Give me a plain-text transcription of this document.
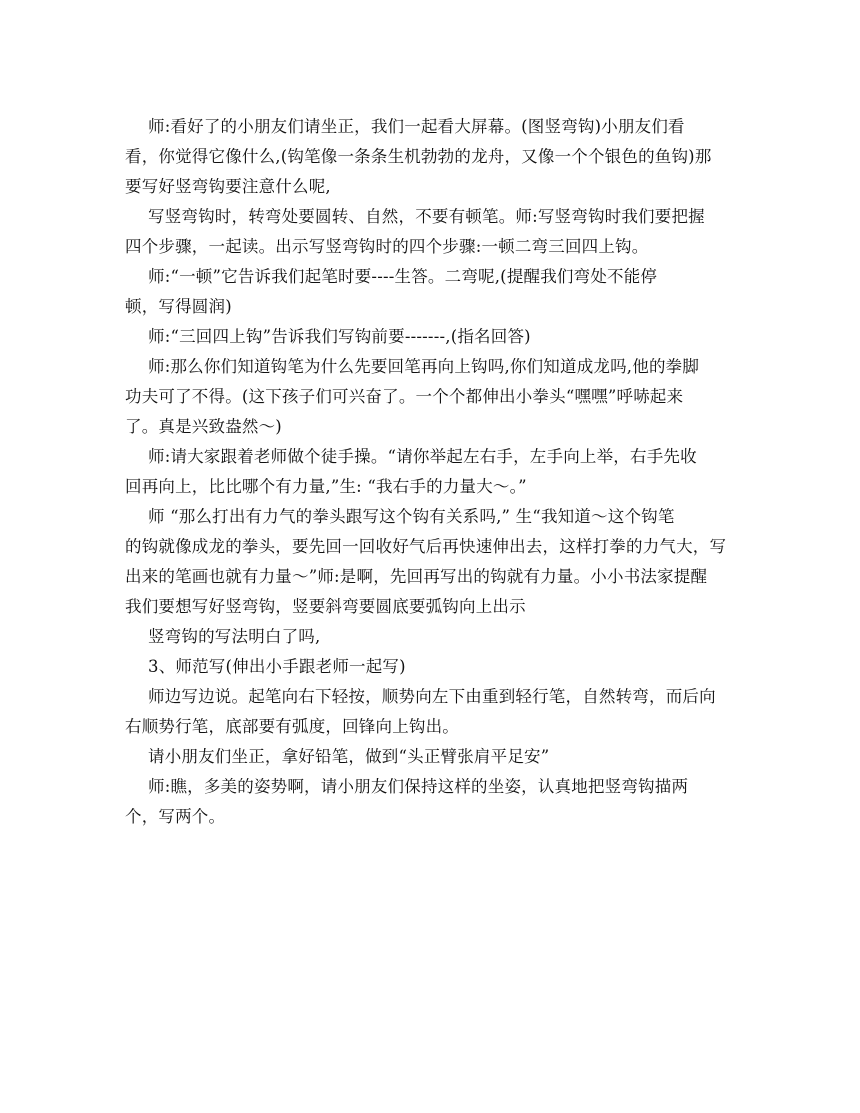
师:看好了的小朋友们请坐正，我们一起看大屏幕。(图竖弯钩)小朋友们看
看，你觉得它像什么,(钩笔像一条条生机勃勃的龙舟，又像一个个银色的鱼钩)那
要写好竖弯钩要注意什么呢,

写竖弯钩时，转弯处要圆转、自然，不要有顿笔。师:写竖弯钩时我们要把握
四个步骤，一起读。出示写竖弯钩时的四个步骤:一顿二弯三回四上钩。

师:“一顿”它告诉我们起笔时要----生答。二弯呢,(提醒我们弯处不能停
顿，写得圆润)

师:“三回四上钩”告诉我们写钩前要-------,(指名回答)

师:那么你们知道钩笔为什么先要回笔再向上钩吗,你们知道成龙吗,他的拳脚
功夫可了不得。(这下孩子们可兴奋了。一个个都伸出小拳头“嘿嘿”呼哧起来
了。真是兴致盎然～)

师:请大家跟着老师做个徒手操。“请你举起左右手，左手向上举，右手先收
回再向上，比比哪个有力量,”生: “我右手的力量大～。”

师 “那么打出有力气的拳头跟写这个钩有关系吗,” 生“我知道～这个钩笔
的钩就像成龙的拳头，要先回一回收好气后再快速伸出去，这样打拳的力气大，写
出来的笔画也就有力量～”师:是啊，先回再写出的钩就有力量。小小书法家提醒
我们要想写好竖弯钩，竖要斜弯要圆底要弧钩向上出示

竖弯钩的写法明白了吗,

3、师范写(伸出小手跟老师一起写)

师边写边说。起笔向右下轻按，顺势向左下由重到轻行笔，自然转弯，而后向
右顺势行笔，底部要有弧度，回锋向上钩出。

请小朋友们坐正，拿好铅笔，做到“头正臂张肩平足安”

师:瞧，多美的姿势啊，请小朋友们保持这样的坐姿，认真地把竖弯钩描两
个，写两个。
